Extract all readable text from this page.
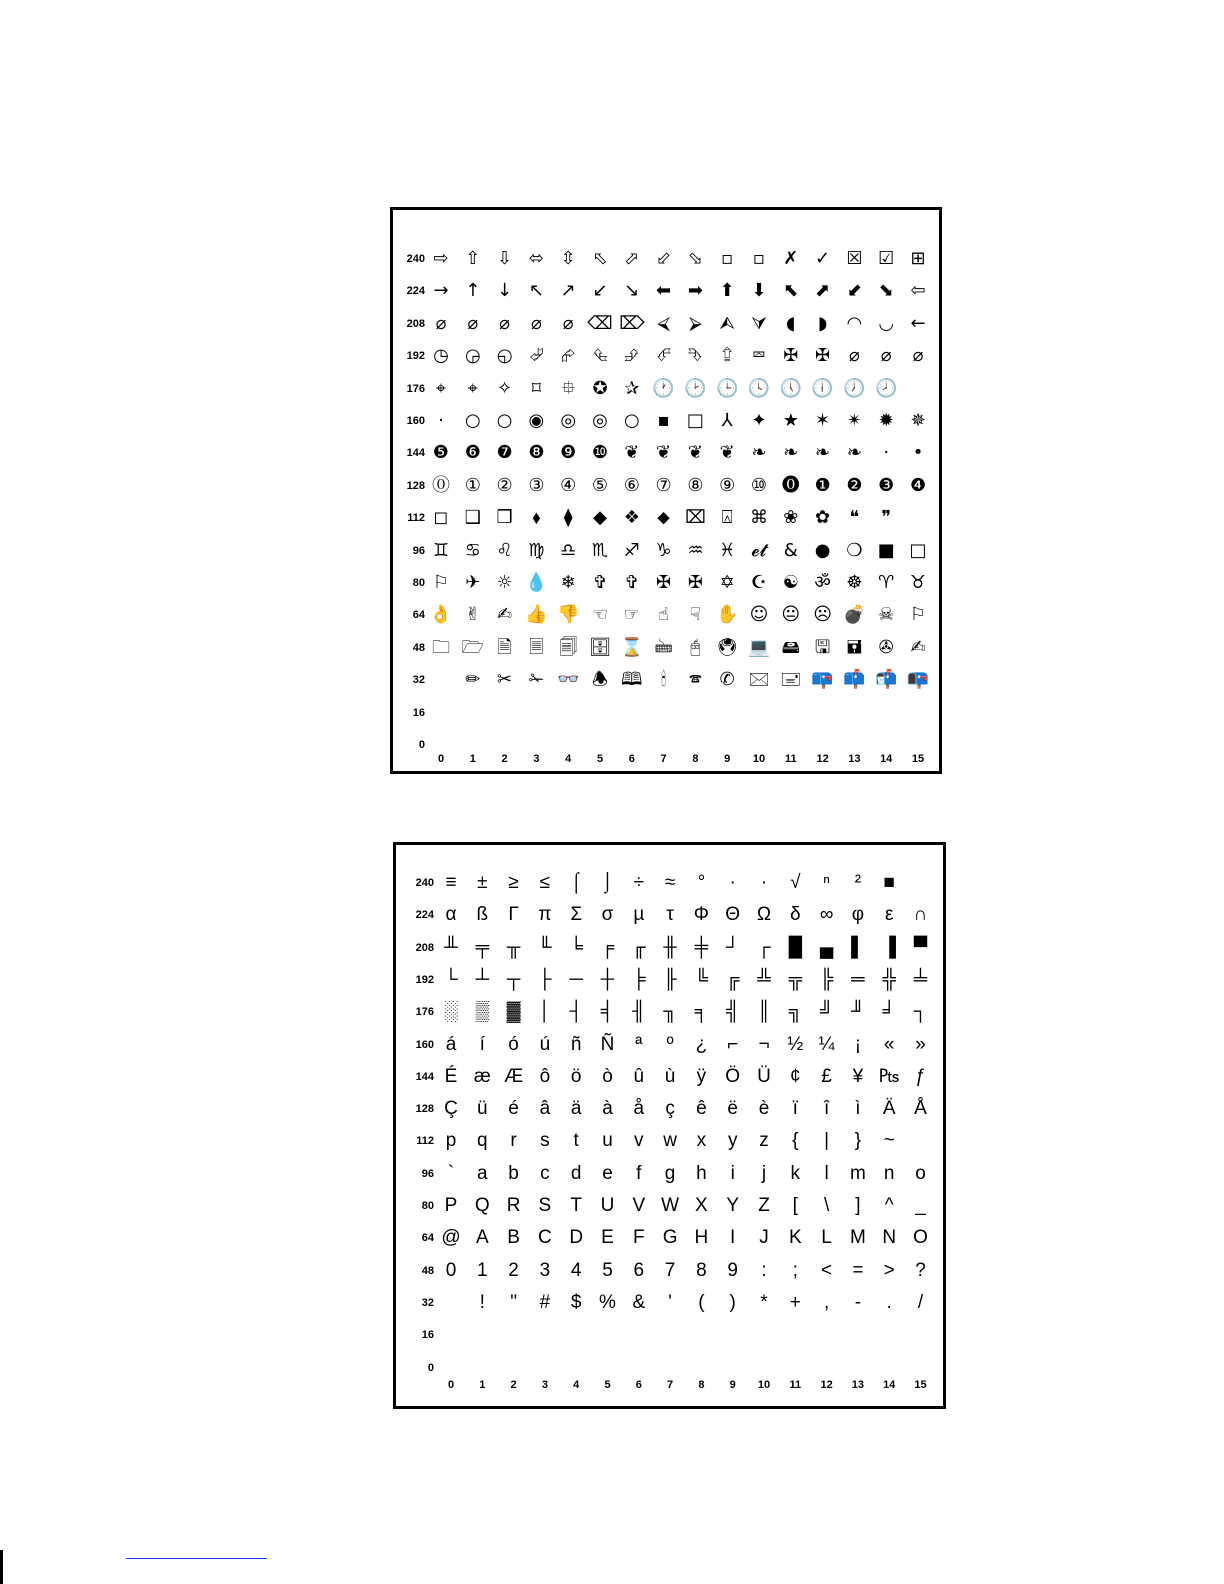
240 ⇨ ⇧ ⇩ ⬄ ⇳ ⬁ ⬀ ⬃ ⬂	▫	▫	✗ ✓ ☒ ☑ ⊞
224 → ↑ ↓ ↖ ↗ ↙ ↘ ⬅ ➡ ⬆ ⬇ ⬉ ⬈ ⬋ ⬊ ⇦
208 ⌀	⌀	⌀	⌀	⌀ ⌫ ⌦ ⮘	⮚ ⮙ ⮛	◖	◗	◠ ◡ ←
192 ◷ ◶ ◵ ⮰ ⮳ ⮴ ⮵ ⮶ ⮷	⮸	⮹ ✠ ✠	⌀	⌀	⌀
176 ⌖	⌖	✧	⌑	⯐ ✪ ✰ 🕐 🕑 🕒 🕓 🕔 🕕 🕖 🕗
160 ·	○ ○ ◉ ◎ ◎ ○ ▪ □ ⅄	✦ ★ ✶ ✴ ✹ ✵
144 ❺ ❻ ❼ ❽ ❾ ❿ ❦ ❦ ❦ ❦ ❧ ❧ ❧ ❧	·	•
128 ⓪ ① ② ③ ④ ⑤ ⑥ ⑦ ⑧ ⑨ ⑩ ⓿ ❶ ❷ ❸ ❹
112 ◻ ❑ ❒	⬧	⧫	◆ ❖ ⬥ ⌧ ⍓ ⌘ ❀ ✿	❝	❞
96 ♊ ♋ ♌ ♍ ♎ ♏ ♐ ♑ ♒ ♓ 𝓮𝓽 & ● ❍ ■ □
80 ⚐ ✈ ☼ 💧 ❄ ✞ ✞ ✠ ✠ ✡ ☪ ☯ ॐ ☸ ♈ ♉
64 👌 ✌ ✍ 👍 👎 ☜ ☞	☝	☟ ✋ ☺ 😐 ☹ 💣 ☠ ⚐
48 🗀 🗁 🗎 🗏 🗐 🗄 ⌛ 🖮 🖰 🖲 💻 🖴 🖫 🖬 ✇ ✍
32	✏ ✂ ✁ 👓 🕭 🕮	🕯	🕿 ✆ 🖂 🖃 📪 📫 📬 📭
16
0
0	1	2	3	4	5	6	7	8	9	10	11	12	13	14	15
240 ≡	±	≥	≤	⌠	⌡	÷	≈	°	·	·	√	ⁿ	²	■
224 α	ß	Γ	π Σ	σ	µ	τ	Φ Θ Ω δ	∞ φ	ε	∩
208 ╨ ╤ ╥ ╙ ╘ ╒ ╓ ╫ ╪ ┘ ┌ █ ▄ ▌ ▐ ▀
192 └ ┴ ┬ ├ ─ ┼ ╞ ╟ ╚ ╔ ╩ ╦ ╠ ═ ╬ ╧
176 ░ ▒ ▓ │ ┤ ╡ ╢ ╖ ╕ ╣ ║ ╗ ╝ ╜ ╛ ┐
160 á	í	ó	ú	ñ	Ñ	ª	º	¿	⌐	¬ ½ ¼	¡	«	»
144 É æ Æ ô	ö	ò	û	ù	ÿ	Ö Ü	¢	£	¥ ₧ ƒ
128 Ç	ü	é	â	ä	à	å	ç	ê	ë	è	ï	î	ì	Ä Å
112 p	q	r	s	t	u	v	w	x	y	z	{	|	}	~
96 `	a	b	c	d	e	f	g	h	i	j	k	l	m n	o
80 P Q R S	T U V W X Y	Z	[	\	]	^	_
64 @ A B C D E	F G H	I	J	K	L M N O
48 0	1	2	3	4	5	6	7	8	9	:	;	<	=	>	?
32	!	"	#	$ % &	'	(	)	*	+	,	-	.	/
16
0
0	1	2	3	4	5	6	7	8	9	10	11	12	13	14	15
